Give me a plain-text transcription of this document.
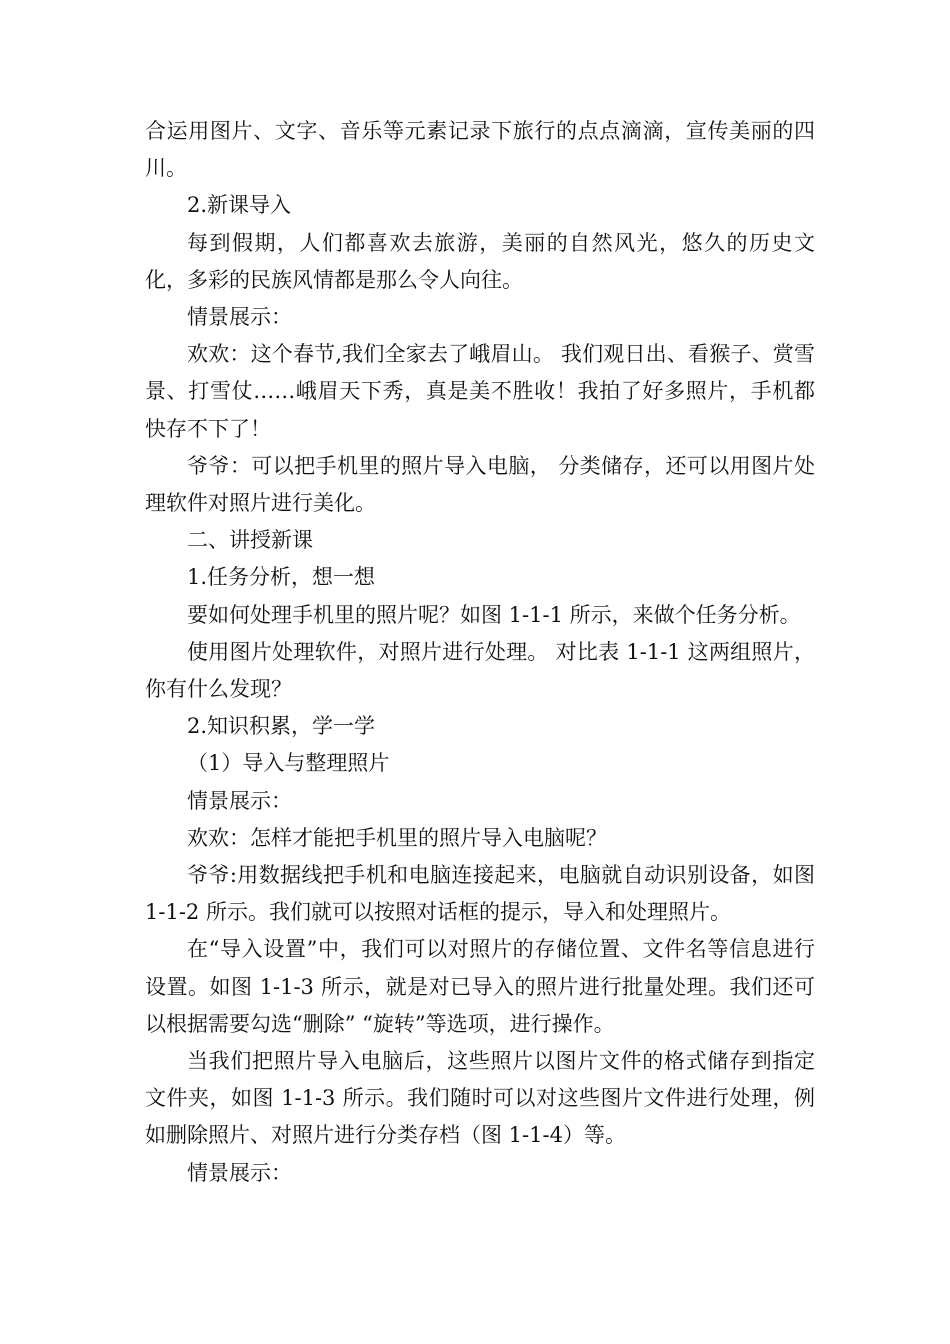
合运用图片、文字、音乐等元素记录下旅行的点点滴滴，宣传美丽的四川。

2.新课导入

每到假期，人们都喜欢去旅游，美丽的自然风光，悠久的历史文化，多彩的民族风情都是那么令人向往。

情景展示：

欢欢：这个春节,我们全家去了峨眉山。 我们观日出、看猴子、赏雪景、打雪仗……峨眉天下秀，真是美不胜收！我拍了好多照片，手机都快存不下了！

爷爷：可以把手机里的照片导入电脑， 分类储存，还可以用图片处理软件对照片进行美化。

二、讲授新课

1.任务分析，想一想

要如何处理手机里的照片呢？如图 1-1-1 所示，来做个任务分析。

使用图片处理软件，对照片进行处理。 对比表 1-1-1 这两组照片，你有什么发现？

2.知识积累，学一学

（1）导入与整理照片

情景展示：

欢欢：怎样才能把手机里的照片导入电脑呢？

爷爷:用数据线把手机和电脑连接起来，电脑就自动识别设备，如图 1-1-2 所示。我们就可以按照对话框的提示，导入和处理照片。

在“导入设置”中，我们可以对照片的存储位置、文件名等信息进行设置。如图 1-1-3 所示，就是对已导入的照片进行批量处理。我们还可以根据需要勾选“删除” “旋转”等选项，进行操作。

当我们把照片导入电脑后，这些照片以图片文件的格式储存到指定文件夹，如图 1-1-3 所示。我们随时可以对这些图片文件进行处理，例如删除照片、对照片进行分类存档（图 1-1-4）等。

情景展示：
